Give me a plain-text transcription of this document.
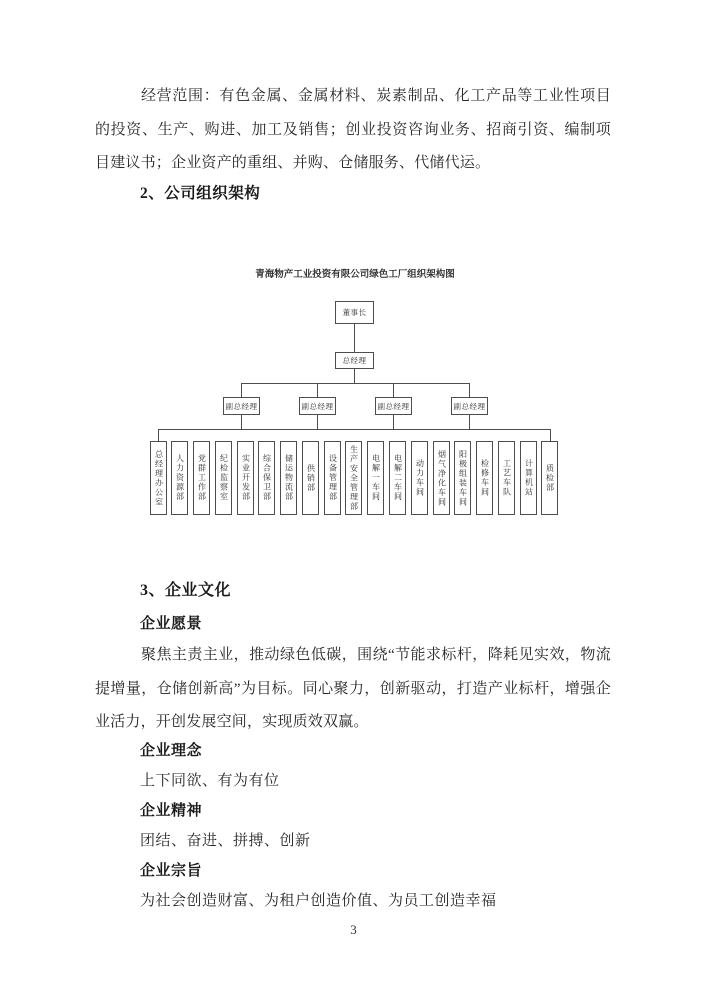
经营范围：有色金属、金属材料、炭素制品、化工产品等工业性项目的投资、生产、购进、加工及销售；创业投资咨询业务、招商引资、编制项目建议书；企业资产的重组、并购、仓储服务、代储代运。

2、公司组织架构

青海物产工业投资有限公司绿色工厂组织架构图
董事长
总经理
副总经理	副总经理	副总经理	副总经理
总经理办公室 人力资源部 党群工作部 纪检监察室 实业开发部 综合保卫部 储运物流部 供销部 设备管理部 生产安全管理部 电解一车间 电解二车间 动力车间 烟气净化车间 阳极组装车间 检修车间 工艺车队 计算机站 质检部

3、企业文化

企业愿景

聚焦主责主业，推动绿色低碳，围绕“节能求标杆，降耗见实效，物流提增量，仓储创新高”为目标。同心聚力，创新驱动，打造产业标杆，增强企业活力，开创发展空间，实现质效双赢。

企业理念

上下同欲、有为有位

企业精神

团结、奋进、拼搏、创新

企业宗旨

为社会创造财富、为租户创造价值、为员工创造幸福

3
